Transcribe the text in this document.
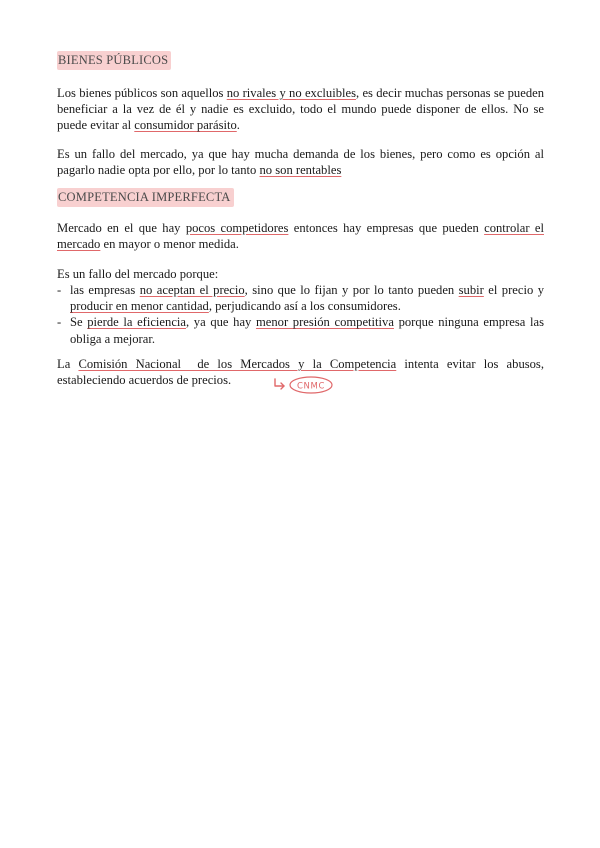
BIENES PÚBLICOS
Los bienes públicos son aquellos no rivales y no excluibles, es decir muchas personas se pueden beneficiar a la vez de él y nadie es excluido, todo el mundo puede disponer de ellos. No se puede evitar al consumidor parásito.
Es un fallo del mercado, ya que hay mucha demanda de los bienes, pero como es opción al pagarlo nadie opta por ello, por lo tanto no son rentables
COMPETENCIA IMPERFECTA
Mercado en el que hay pocos competidores entonces hay empresas que pueden controlar el mercado en mayor o menor medida.
Es un fallo del mercado porque:
- las empresas no aceptan el precio, sino que lo fijan y por lo tanto pueden subir el precio y producir en menor cantidad, perjudicando así a los consumidores.
- Se pierde la eficiencia, ya que hay menor presión competitiva porque ninguna empresa las obliga a mejorar.
La Comisión Nacional  de los Mercados y la Competencia intenta evitar los abusos, estableciendo acuerdos de precios.	CNMC
